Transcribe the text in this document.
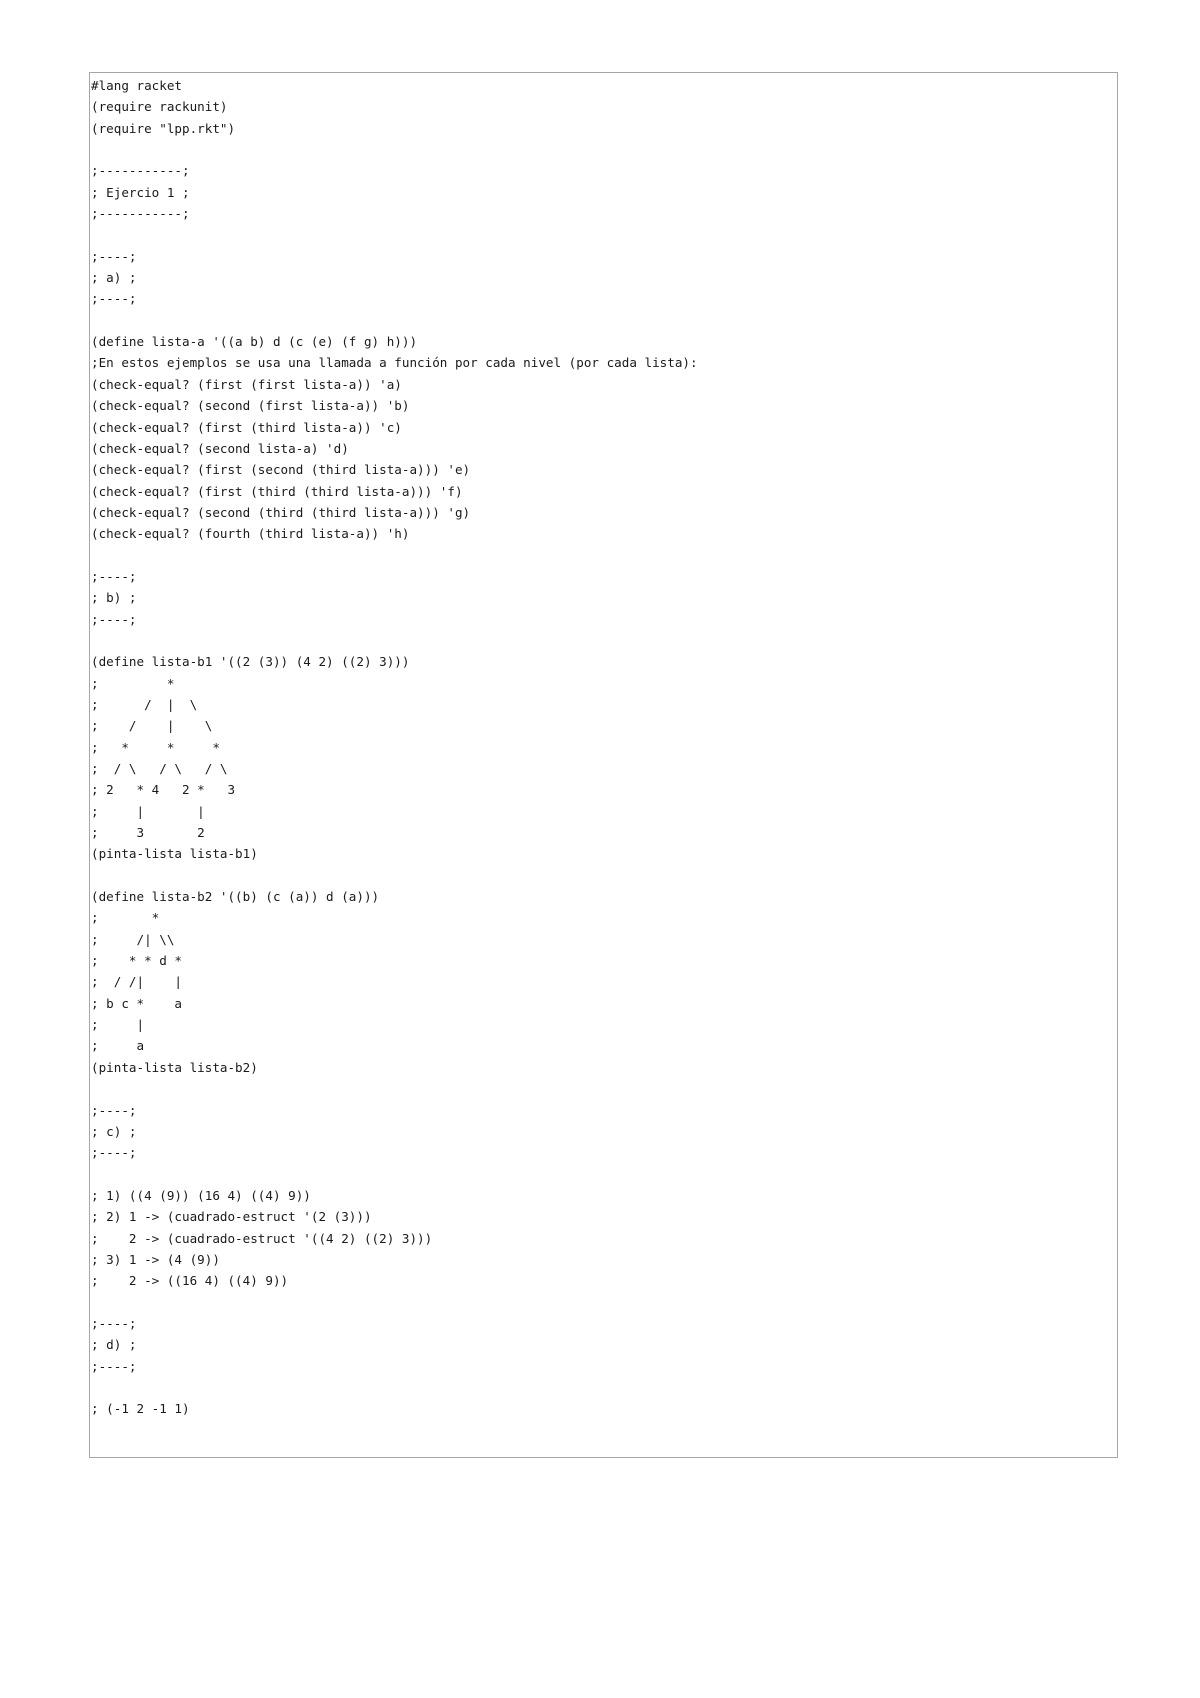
#lang racket
(require rackunit)
(require "lpp.rkt")
;-----------;
; Ejercio 1 ;
;-----------;
;----;
; a) ;
;----;
(define lista-a '((a b) d (c (e) (f g) h)))
;En estos ejemplos se usa una llamada a función por cada nivel (por cada lista):
(check-equal? (first (first lista-a)) 'a)
(check-equal? (second (first lista-a)) 'b)
(check-equal? (first (third lista-a)) 'c)
(check-equal? (second lista-a) 'd)
(check-equal? (first (second (third lista-a))) 'e)
(check-equal? (first (third (third lista-a))) 'f)
(check-equal? (second (third (third lista-a))) 'g)
(check-equal? (fourth (third lista-a)) 'h)
;----;
; b) ;
;----;
(define lista-b1 '((2 (3)) (4 2) ((2) 3)))
;         *
;      /  |  \
;    /    |    \
;   *     *     *
;  / \   / \   / \
; 2   * 4   2 *   3
;     |       |
;     3       2
(pinta-lista lista-b1)
(define lista-b2 '((b) (c (a)) d (a)))
;       *
;     /| \\
;    * * d *
;  / /|    |
; b c *    a
;     |
;     a
(pinta-lista lista-b2)
;----;
; c) ;
;----;
; 1) ((4 (9)) (16 4) ((4) 9))
; 2) 1 -> (cuadrado-estruct '(2 (3)))
;    2 -> (cuadrado-estruct '((4 2) ((2) 3)))
; 3) 1 -> (4 (9))
;    2 -> ((16 4) ((4) 9))
;----;
; d) ;
;----;
; (-1 2 -1 1)
